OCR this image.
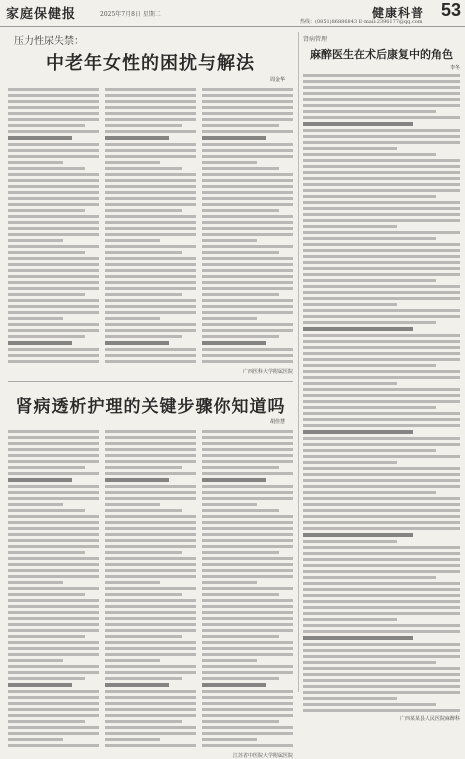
家庭保健报	2025年7月8日 星期二
热线：(0851)86886843 E-mail:2396177@qq.com
健康科普 53
压力性尿失禁：
中老年女性的困扰与解法
周金华
广西医科大学附属医院
肾病透析护理的关键步骤你知道吗
胡佳慧
江苏省中医院大学附属医院
肾病管理
麻醉医生在术后康复中的角色
李冬
广西某某县人民医院麻醉科
